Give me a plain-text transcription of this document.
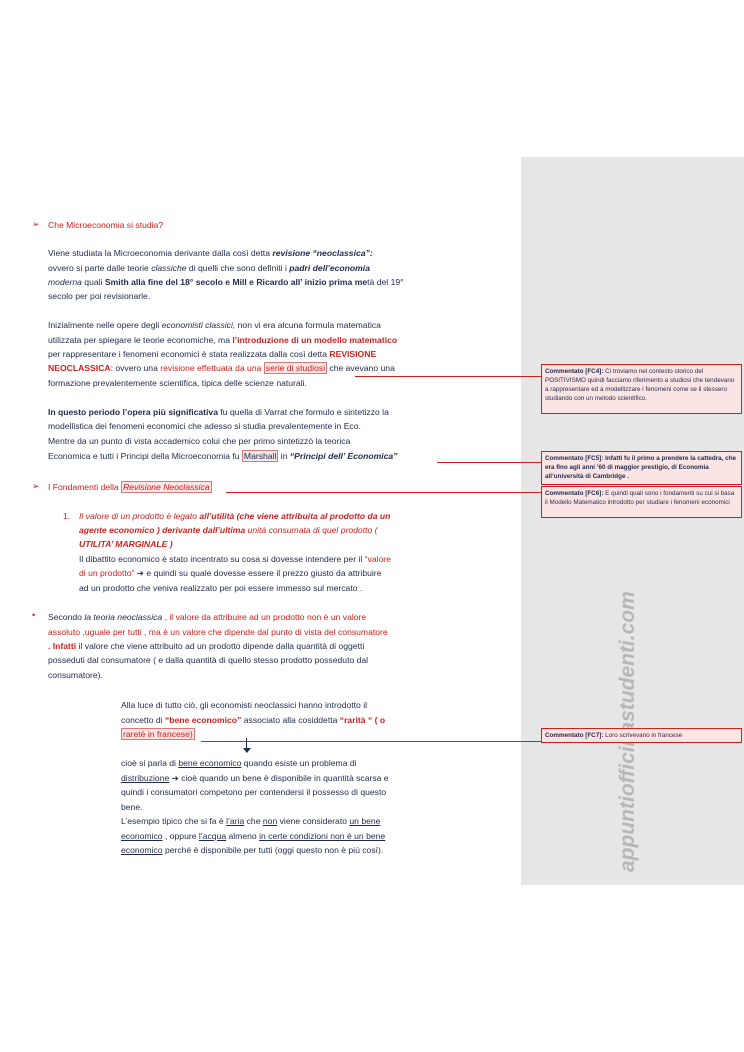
➢ Che Microeconomia si studia?
Viene studiata la Microeconomia derivante dalla così detta revisione “neoclassica”:
ovvero si parte dalle teorie classiche di quelli che sono definiti i padri dell’economia
moderna quali Smith alla fine del 18° secolo e Mill e Ricardo all’ inizio prima metà del 19°
secolo per poi revisionarle.
Inizialmente nelle opere degli economisti classici, non vi era alcuna formula matematica
utilizzata per spiegare le teorie economiche, ma l’introduzione di un modello matematico
per rappresentare i fenomeni economici è stata realizzata dalla così detta REVISIONE
NEOCLASSICA: ovvero una revisione effettuata da una serie di studiosi che avevano una
formazione prevalentemente scientifica, tipica delle scienze naturali.
In questo periodo l’opera più significativa fu quella di Varrat che formulo e sintetizzo la
modellistica dei fenomeni economici che adesso si studia prevalentemente in Eco.
Mentre da un punto di vista accademico colui che per primo sintetizzò la teorica
Economica e tutti i Principi della Microeconomia fu Marshall in “Principi dell’ Economica”
➢ I Fondamenti della Revisione Neoclassica
1. Il valore di un prodotto è legato all’utilità (che viene attribuita al prodotto da un
agente economico ) derivante dall’ultima unità consumata di quel prodotto (
UTILITA’ MARGINALE )
Il dibattito economico è stato incentrato su cosa si dovesse intendere per il “valore
di un prodotto” ➔ e quindi su quale dovesse essere il prezzo giusto da attribuire
ad un prodotto che veniva realizzato per poi essere immesso sul mercato .
• Secondo la teoria neoclassica , il valore da attribuire ad un prodotto non è un valore
assoluto ,uguale per tutti , ma è un valore che dipende dal punto di vista del consumatore
. Infatti il valore che viene attribuito ad un prodotto dipende dalla quantità di oggetti
posseduti dal consumatore ( e dalla quantità di quello stesso prodotto posseduto dal
consumatore).
Alla luce di tutto ciò, gli economisti neoclassici hanno introdotto il
concetto di “bene economico” associato alla cosiddetta “rarità “ ( o
raretè in francese)
cioè si parla di bene economico quando esiste un problema di
distribuzione ➔ cioè quando un bene è disponibile in quantità scarsa e
quindi i consumatori competono per contendersi il possesso di questo
bene.
L’esempio tipico che si fa è l’aria che non viene considerato un bene
economico , oppure l’acqua almeno in certe condizioni non è un bene
economico perché è disponibile per tutti (oggi questo non è più così).
Commentato [FC4]: Ci troviamo nel contesto storico del POSITIVISMO quindi facciamo riferimento a studiosi che tendevano a rappresentare ed a modellizzare i fenomeni come se li stessero studiando con un metodo scientifico.
Commentato [FC5]: Infatti fu il primo a prendere la cattedra, che era fino agli anni ’60 di maggior prestigio, di Economia all’università di Cambridge .
Commentato [FC6]: E quindi quali sono i fondamenti su cui si basa il Modello Matematico introdotto per studiare i fenomeni economici
Commentato [FC7]: Loro scrivevano in francese
